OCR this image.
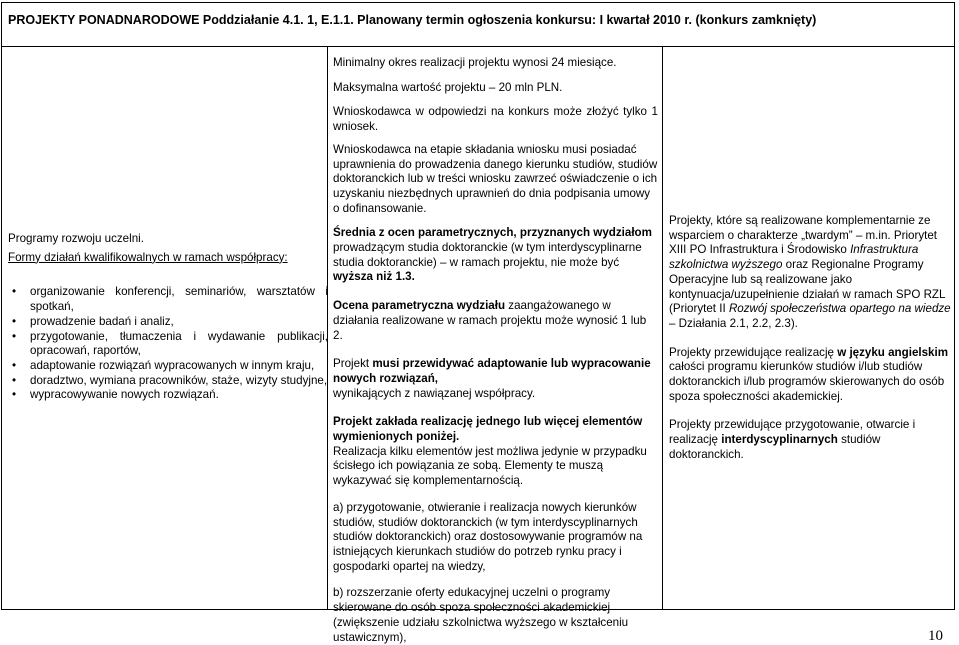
PROJEKTY PONADNARODOWE Poddziałanie 4.1. 1, E.1.1. Planowany termin ogłoszenia konkursu: I kwartał 2010 r. (konkurs zamknięty)

Programy rozwoju uczelni.

Formy działań kwalifikowalnych w ramach współpracy:

• organizowanie konferencji, seminariów, warsztatów i spotkań,
• prowadzenie badań i analiz,
• przygotowanie, tłumaczenia i wydawanie publikacji, opracowań, raportów,
• adaptowanie rozwiązań wypracowanych w innym kraju,
• doradztwo, wymiana pracowników, staże, wizyty studyjne,
• wypracowywanie nowych rozwiązań.

Minimalny okres realizacji projektu wynosi 24 miesiące.

Maksymalna wartość projektu – 20 mln PLN.

Wnioskodawca w odpowiedzi na konkurs może złożyć tylko 1 wniosek.

Wnioskodawca na etapie składania wniosku musi posiadać uprawnienia do prowadzenia danego kierunku studiów, studiów doktoranckich lub w treści wniosku zawrzeć oświadczenie o ich uzyskaniu niezbędnych uprawnień do dnia podpisania umowy o dofinansowanie.

Średnia z ocen parametrycznych, przyznanych wydziałom prowadzącym studia doktoranckie (w tym interdyscyplinarne studia doktoranckie) – w ramach projektu, nie może być wyższa niż 1.3.

Ocena parametryczna wydziału zaangażowanego w działania realizowane w ramach projektu może wynosić 1 lub 2.

Projekt musi przewidywać adaptowanie lub wypracowanie nowych rozwiązań,
wynikających z nawiązanej współpracy.

Projekt zakłada realizację jednego lub więcej elementów wymienionych poniżej.
Realizacja kilku elementów jest możliwa jedynie w przypadku ścisłego ich powiązania ze sobą. Elementy te muszą wykazywać się komplementarnością.

a) przygotowanie, otwieranie i realizacja nowych kierunków studiów, studiów doktoranckich (w tym interdyscyplinarnych studiów doktoranckich) oraz dostosowywanie programów na istniejących kierunkach studiów do potrzeb rynku pracy i gospodarki opartej na wiedzy,

b) rozszerzanie oferty edukacyjnej uczelni o programy skierowane do osób spoza społeczności akademickiej (zwiększenie udziału szkolnictwa wyższego w kształceniu ustawicznym),

Projekty, które są realizowane komplementarnie ze wsparciem o charakterze „twardym” – m.in. Priorytet XIII PO Infrastruktura i Środowisko Infrastruktura szkolnictwa wyższego oraz Regionalne Programy Operacyjne lub są realizowane jako kontynuacja/uzupełnienie działań w ramach SPO RZL (Priorytet II Rozwój społeczeństwa opartego na wiedze – Działania 2.1, 2.2, 2.3).

Projekty przewidujące realizację w języku angielskim całości programu kierunków studiów i/lub studiów doktoranckich i/lub programów skierowanych do osób spoza społeczności akademickiej.

Projekty przewidujące przygotowanie, otwarcie i realizację interdyscyplinarnych studiów doktoranckich.

10
